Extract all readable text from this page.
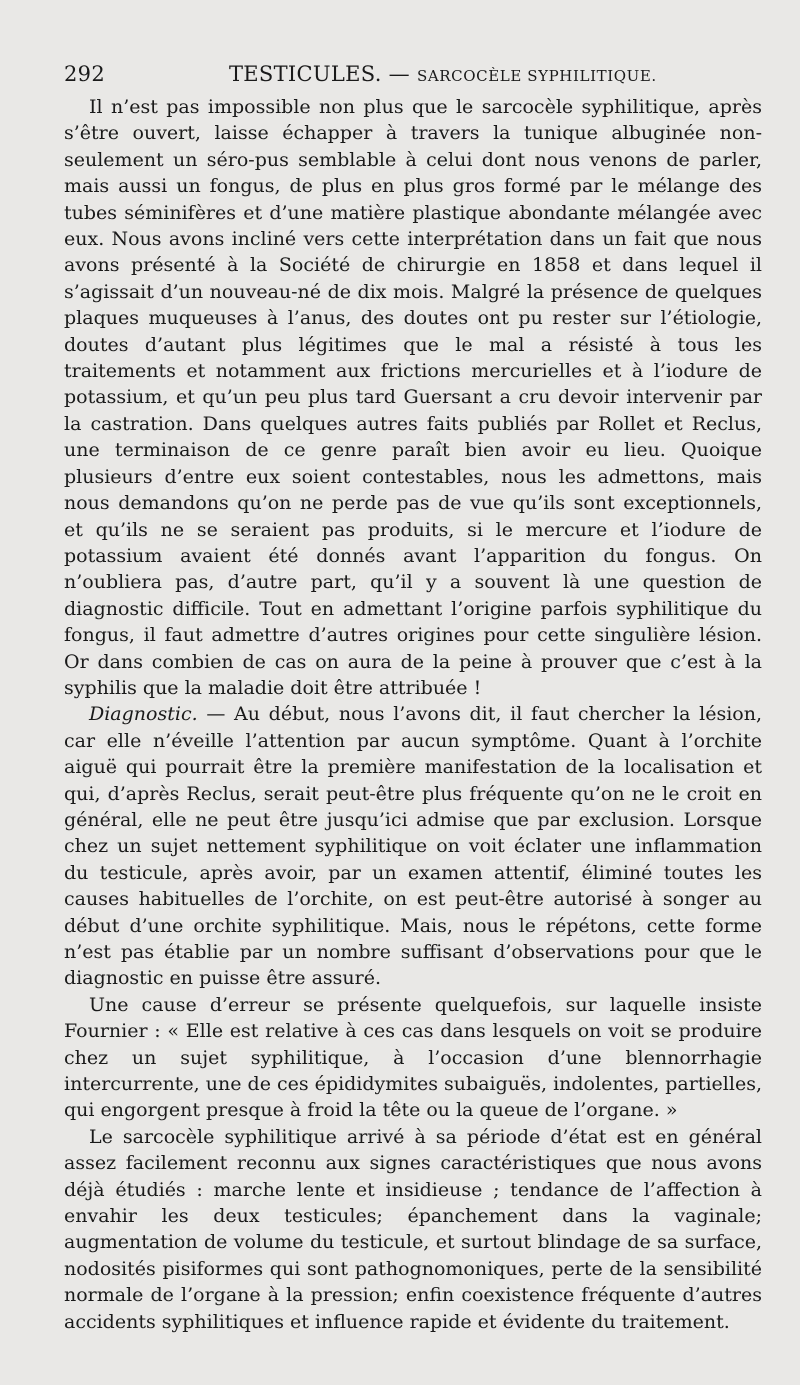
292	TESTICULES. — SARCOCÈLE SYPHILITIQUE.

Il n’est pas impossible non plus que le sarcocèle syphilitique, après s’être ouvert, laisse échapper à travers la tunique albuginée non-seulement un séro-pus semblable à celui dont nous venons de parler, mais aussi un fongus, de plus en plus gros formé par le mélange des tubes séminifères et d’une matière plastique abondante mélangée avec eux. Nous avons incliné vers cette interprétation dans un fait que nous avons présenté à la Société de chirurgie en 1858 et dans lequel il s’agissait d’un nouveau-né de dix mois. Malgré la présence de quelques plaques muqueuses à l’anus, des doutes ont pu rester sur l’étiologie, doutes d’autant plus légitimes que le mal a résisté à tous les traitements et notamment aux frictions mercurielles et à l’iodure de potassium, et qu’un peu plus tard Guersant a cru devoir intervenir par la castration. Dans quelques autres faits publiés par Rollet et Reclus, une terminaison de ce genre paraît bien avoir eu lieu. Quoique plusieurs d’entre eux soient contestables, nous les admettons, mais nous demandons qu’on ne perde pas de vue qu’ils sont exceptionnels, et qu’ils ne se seraient pas produits, si le mercure et l’iodure de potassium avaient été donnés avant l’apparition du fongus. On n’oubliera pas, d’autre part, qu’il y a souvent là une question de diagnostic difficile. Tout en admettant l’origine parfois syphilitique du fongus, il faut admettre d’autres origines pour cette singulière lésion. Or dans combien de cas on aura de la peine à prouver que c’est à la syphilis que la maladie doit être attribuée !

Diagnostic. — Au début, nous l’avons dit, il faut chercher la lésion, car elle n’éveille l’attention par aucun symptôme. Quant à l’orchite aiguë qui pourrait être la première manifestation de la localisation et qui, d’après Reclus, serait peut-être plus fréquente qu’on ne le croit en général, elle ne peut être jusqu’ici admise que par exclusion. Lorsque chez un sujet nettement syphilitique on voit éclater une inflammation du testicule, après avoir, par un examen attentif, éliminé toutes les causes habituelles de l’orchite, on est peut-être autorisé à songer au début d’une orchite syphilitique. Mais, nous le répétons, cette forme n’est pas établie par un nombre suffisant d’observations pour que le diagnostic en puisse être assuré.

Une cause d’erreur se présente quelquefois, sur laquelle insiste Fournier : « Elle est relative à ces cas dans lesquels on voit se produire chez un sujet syphilitique, à l’occasion d’une blennorrhagie intercurrente, une de ces épididymites subaiguës, indolentes, partielles, qui engorgent presque à froid la tête ou la queue de l’organe. »

Le sarcocèle syphilitique arrivé à sa période d’état est en général assez facilement reconnu aux signes caractéristiques que nous avons déjà étudiés : marche lente et insidieuse ; tendance de l’affection à envahir les deux testicules; épanchement dans la vaginale; augmentation de volume du testicule, et surtout blindage de sa surface, nodosités pisiformes qui sont pathognomoniques, perte de la sensibilité normale de l’organe à la pression; enfin coexistence fréquente d’autres accidents syphilitiques et influence rapide et évidente du traitement.
